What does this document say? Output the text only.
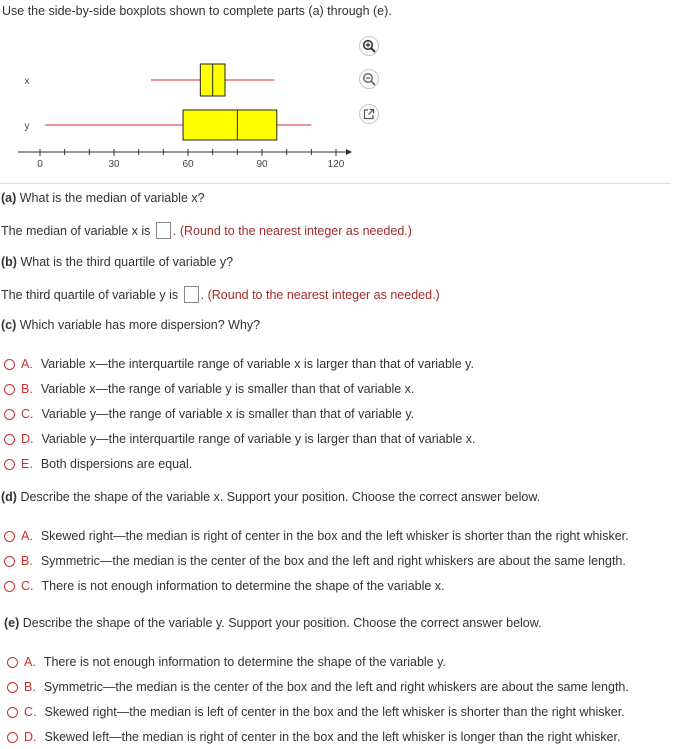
Use the side-by-side boxplots shown to complete parts (a) through (e).
x
y
0	30	60	90	120
(a) What is the median of variable x?
The median of variable x is . (Round to the nearest integer as needed.)
(b) What is the third quartile of variable y?
The third quartile of variable y is . (Round to the nearest integer as needed.)
(c) Which variable has more dispersion? Why?
A. Variable x—the interquartile range of variable x is larger than that of variable y.
B. Variable x—the range of variable y is smaller than that of variable x.
C. Variable y—the range of variable x is smaller than that of variable y.
D. Variable y—the interquartile range of variable y is larger than that of variable x.
E. Both dispersions are equal.
(d) Describe the shape of the variable x. Support your position. Choose the correct answer below.
A. Skewed right—the median is right of center in the box and the left whisker is shorter than the right whisker.
B. Symmetric—the median is the center of the box and the left and right whiskers are about the same length.
C. There is not enough information to determine the shape of the variable x.
(e) Describe the shape of the variable y. Support your position. Choose the correct answer below.
A. There is not enough information to determine the shape of the variable y.
B. Symmetric—the median is the center of the box and the left and right whiskers are about the same length.
C. Skewed right—the median is left of center in the box and the left whisker is shorter than the right whisker.
D. Skewed left—the median is right of center in the box and the left whisker is longer than the right whisker.
